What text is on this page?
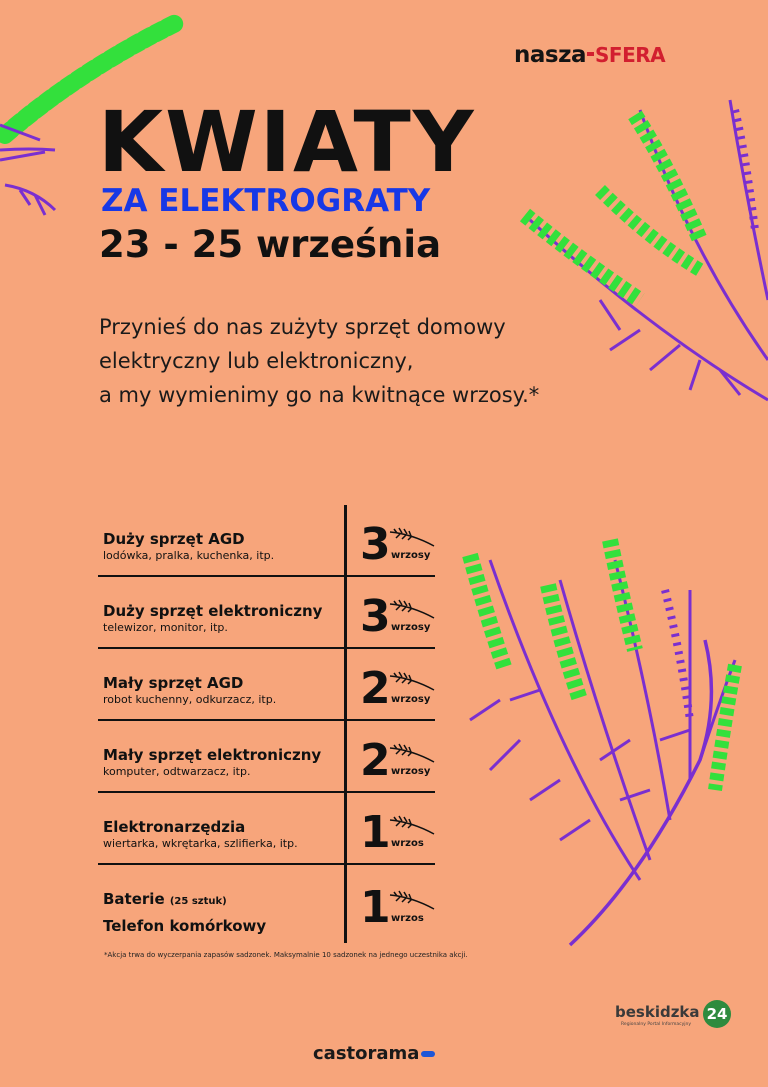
nasza SFERA
KWIATY
ZA ELEKTROGRATY
23 - 25 września
Przynieś do nas zużyty sprzęt domowy
elektryczny lub elektroniczny,
a my wymienimy go na kwitnące wrzosy.*
Duży sprzęt AGD
lodówka, pralka, kuchenka, itp.	3 wrzosy
Duży sprzęt elektroniczny
telewizor, monitor, itp.	3 wrzosy
Mały sprzęt AGD
robot kuchenny, odkurzacz, itp.	2 wrzosy
Mały sprzęt elektroniczny
komputer, odtwarzacz, itp.	2 wrzosy
Elektronarzędzia
wiertarka, wkrętarka, szlifierka, itp.	1 wrzos
Baterie (25 sztuk)
Telefon komórkowy	1 wrzos
*Akcja trwa do wyczerpania zapasów sadzonek. Maksymalnie 10 sadzonek na jednego uczestnika akcji.
beskidzka 24
Regionalny Portal Informacyjny
castorama
